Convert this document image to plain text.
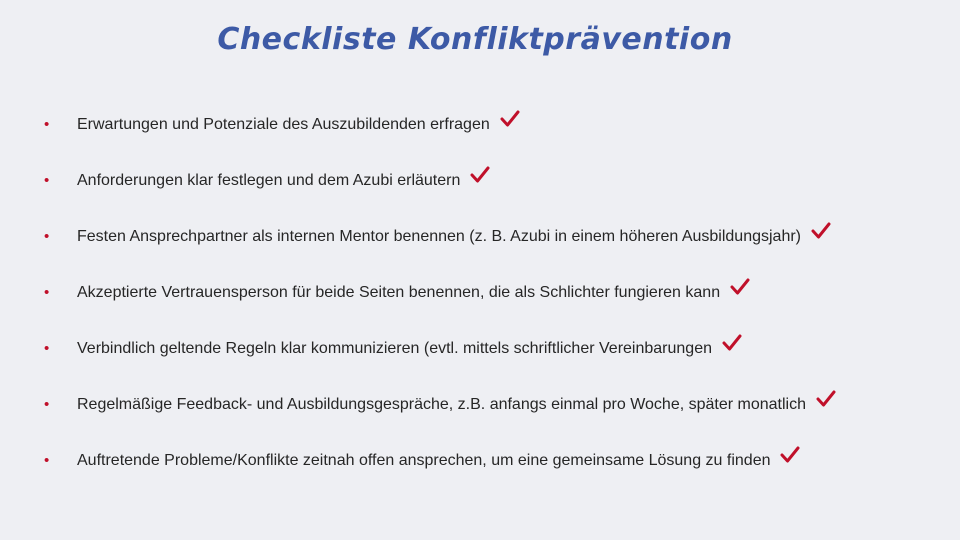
Checkliste Konfliktprävention
•	Erwartungen und Potenziale des Auszubildenden erfragen
•	Anforderungen klar festlegen und dem Azubi erläutern
•	Festen Ansprechpartner als internen Mentor benennen (z. B. Azubi in einem höheren Ausbildungsjahr)
•	Akzeptierte Vertrauensperson für beide Seiten benennen, die als Schlichter fungieren kann
•	Verbindlich geltende Regeln klar kommunizieren (evtl. mittels schriftlicher Vereinbarungen
•	Regelmäßige Feedback- und Ausbildungsgespräche, z.B. anfangs einmal pro Woche, später monatlich
•	Auftretende Probleme/Konflikte zeitnah offen ansprechen, um eine gemeinsame Lösung zu finden
